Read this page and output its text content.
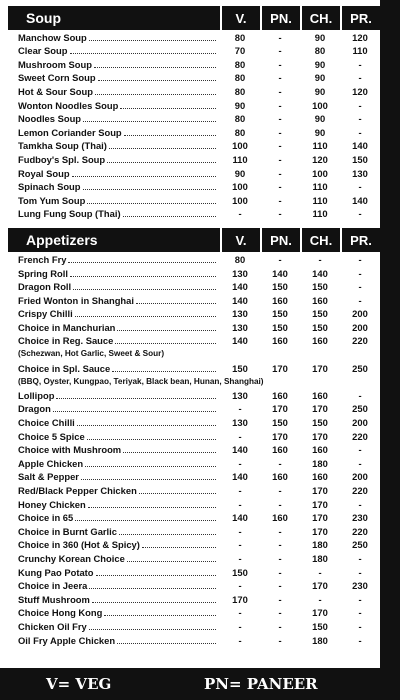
Soup	V.	PN.	CH.	PR.
Manchow Soup	80	-	90	120
Clear Soup	70	-	80	110
Mushroom Soup	80	-	90	-
Sweet Corn Soup	80	-	90	-
Hot & Sour Soup	80	-	90	120
Wonton Noodles Soup	90	-	100	-
Noodles Soup	80	-	90	-
Lemon Coriander Soup	80	-	90	-
Tamkha Soup (Thai)	100	-	110	140
Fudboy's Spl. Soup	110	-	120	150
Royal Soup	90	-	100	130
Spinach Soup	100	-	110	-
Tom Yum Soup	100	-	110	140
Lung Fung Soup (Thai)	-	-	110	-
Appetizers	V.	PN.	CH.	PR.
French Fry	80	-	-	-
Spring Roll	130	140	140	-
Dragon Roll	140	150	150	-
Fried Wonton in Shanghai	140	160	160	-
Crispy Chilli	130	150	150	200
Choice in Manchurian	130	150	150	200
Choice in Reg. Sauce	140	160	160	220
(Schezwan, Hot Garlic, Sweet & Sour)
Choice in Spl. Sauce	150	170	170	250
(BBQ, Oyster, Kungpao, Teriyak, Black bean, Hunan, Shanghai)
Lollipop	130	160	160	-
Dragon	-	170	170	250
Choice Chilli	130	150	150	200
Choice 5 Spice	-	170	170	220
Choice with Mushroom	140	160	160	-
Apple Chicken	-	-	180	-
Salt & Pepper	140	160	160	200
Red/Black Pepper Chicken	-	-	170	220
Honey Chicken	-	-	170	-
Choice in 65	140	160	170	230
Choice in Burnt Garlic	-	-	170	220
Choice in 360 (Hot & Spicy)	-	-	180	250
Crunchy Korean Choice	-	-	180	-
Kung Pao Potato	150	-	-	-
Choice in Jeera	-	-	170	230
Stuff Mushroom	170	-	-	-
Choice Hong Kong	-	-	170	-
Chicken Oil Fry	-	-	150	-
Oil Fry Apple Chicken	-	-	180	-
V= VEG	PN= PANEER
